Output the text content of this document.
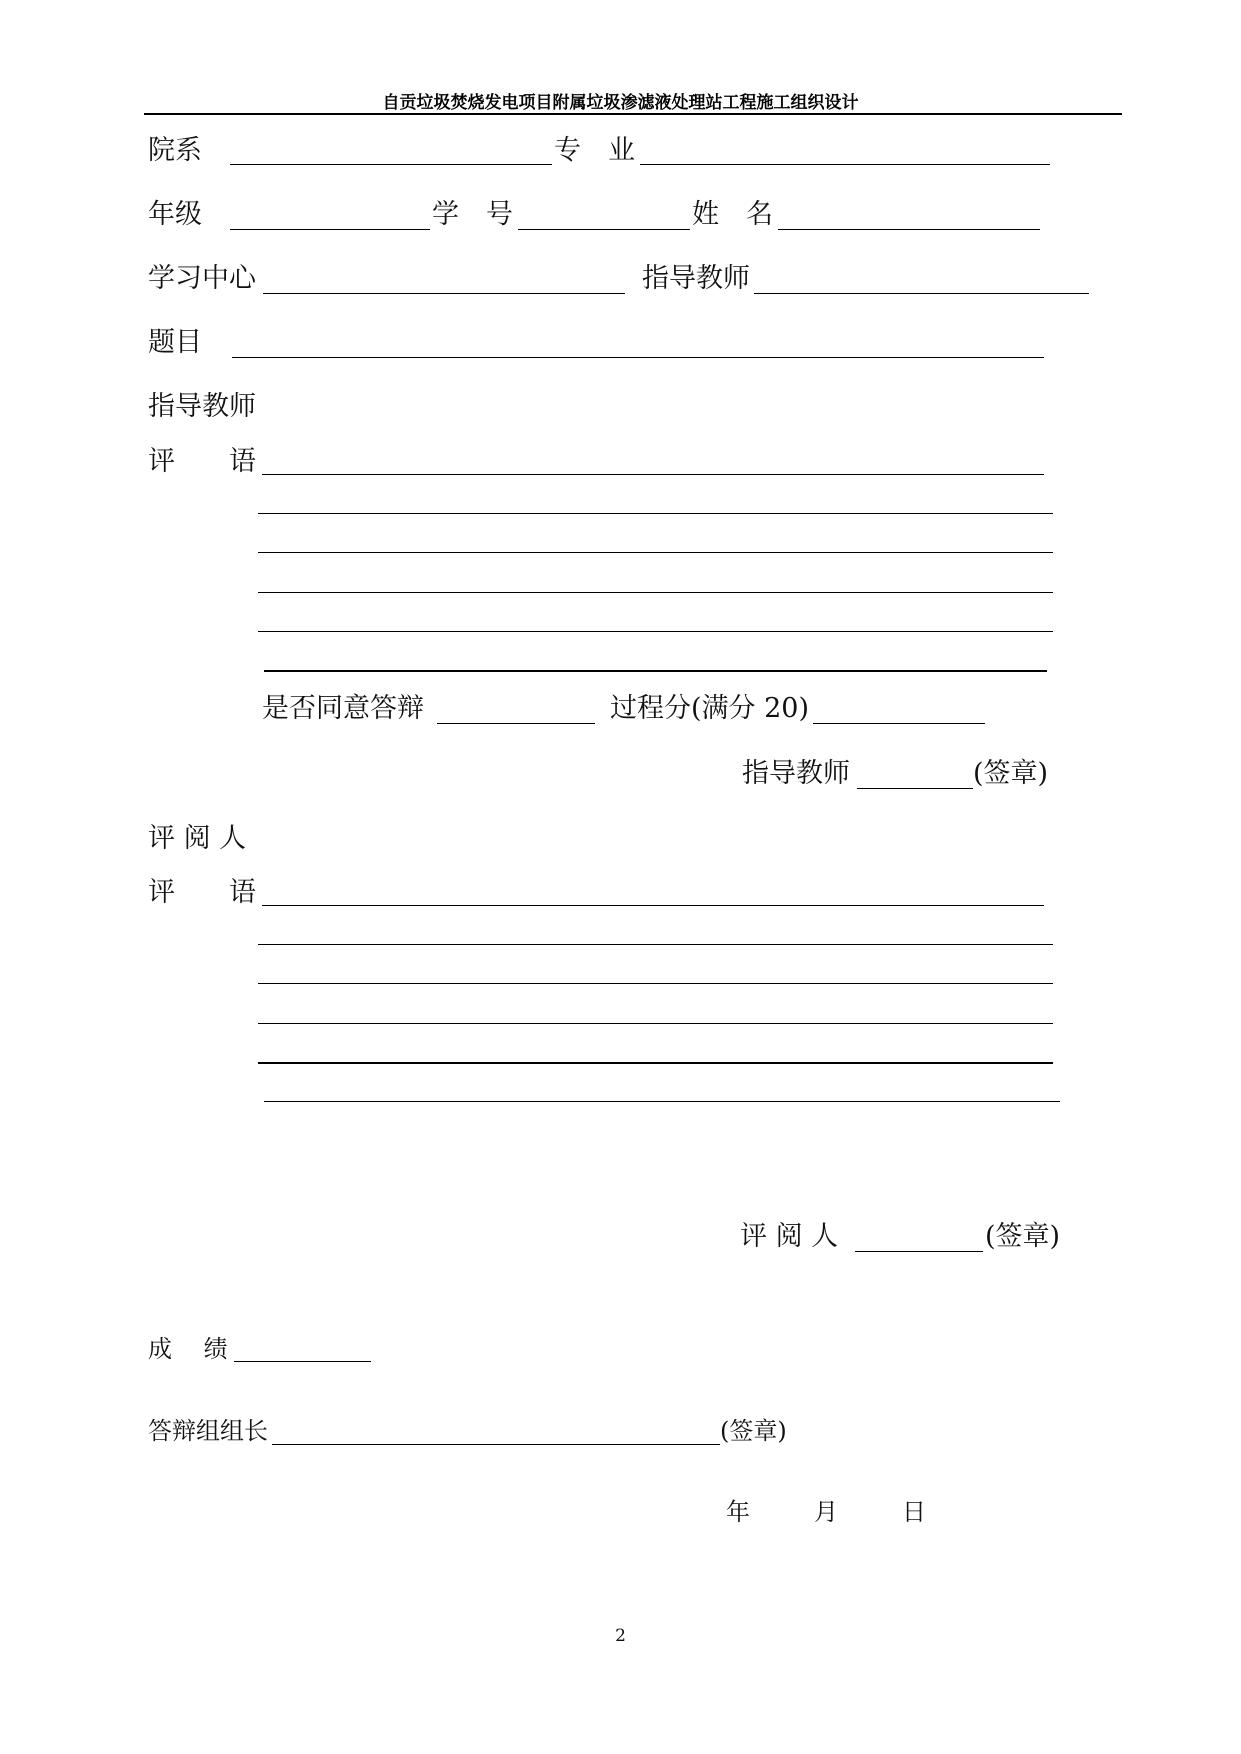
自贡垃圾焚烧发电项目附属垃圾渗滤液处理站工程施工组织设计
院系	专　业
年级	学　号	姓　名
学习中心	指导教师
题目
指导教师
评　　语
是否同意答辩	过程分(满分 20)
指导教师	(签章)
评 阅 人
评　　语
评 阅 人	(签章)
成　 绩
答辩组组长	(签章)
年	月	日
2
